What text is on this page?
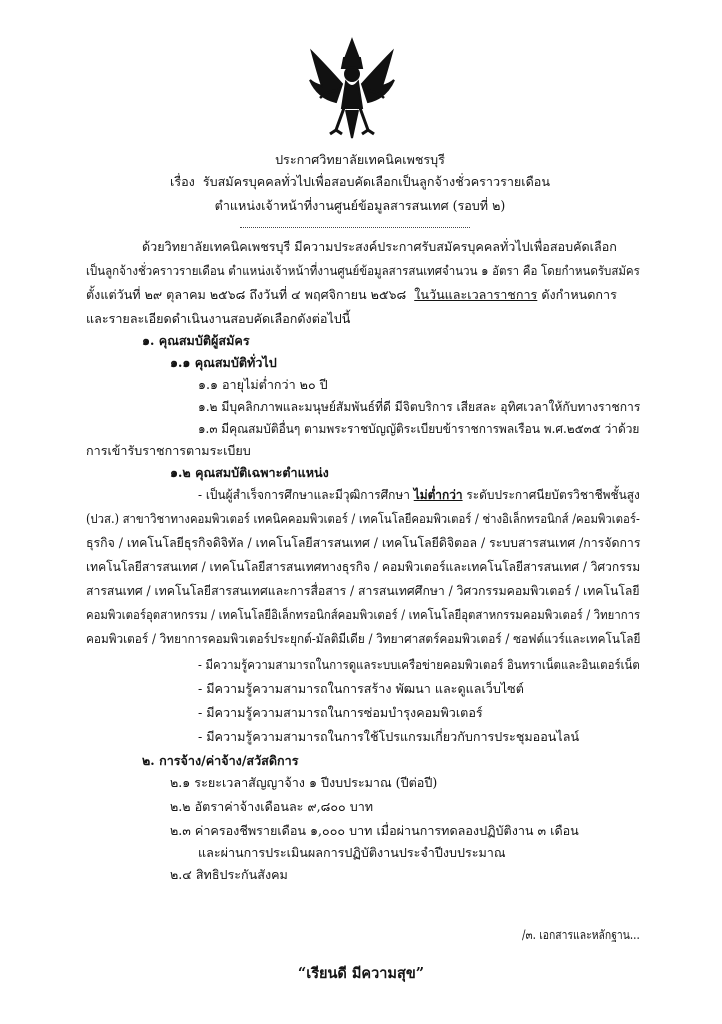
ประกาศวิทยาลัยเทคนิคเพชรบุรี
เรื่อง รับสมัครบุคคลทั่วไปเพื่อสอบคัดเลือกเป็นลูกจ้างชั่วคราวรายเดือน
ตำแหน่งเจ้าหน้าที่งานศูนย์ข้อมูลสารสนเทศ (รอบที่ ๒)
ด้วยวิทยาลัยเทคนิคเพชรบุรี มีความประสงค์ประกาศรับสมัครบุคคลทั่วไปเพื่อสอบคัดเลือก
เป็นลูกจ้างชั่วคราวรายเดือน ตำแหน่งเจ้าหน้าที่งานศูนย์ข้อมูลสารสนเทศจำนวน ๑ อัตรา คือ โดยกำหนดรับสมัคร
ตั้งแต่วันที่ ๒๙ ตุลาคม ๒๕๖๘ ถึงวันที่ ๔ พฤศจิกายน ๒๕๖๘ ในวันและเวลาราชการ ดังกำหนดการ
และรายละเอียดดำเนินงานสอบคัดเลือกดังต่อไปนี้
๑. คุณสมบัติผู้สมัคร
๑.๑ คุณสมบัติทั่วไป
๑.๑ อายุไม่ต่ำกว่า ๒๐ ปี
๑.๒ มีบุคลิกภาพและมนุษย์สัมพันธ์ที่ดี มีจิตบริการ เสียสละ อุทิศเวลาให้กับทางราชการ
๑.๓ มีคุณสมบัติอื่นๆ ตามพระราชบัญญัติระเบียบข้าราชการพลเรือน พ.ศ.๒๕๓๕ ว่าด้วย
การเข้ารับราชการตามระเบียบ
๑.๒ คุณสมบัติเฉพาะตำแหน่ง
- เป็นผู้สำเร็จการศึกษาและมีวุฒิการศึกษา ไม่ต่ำกว่า ระดับประกาศนียบัตรวิชาชีพชั้นสูง
(ปวส.) สาขาวิชาทางคอมพิวเตอร์ เทคนิคคอมพิวเตอร์ / เทคโนโลยีคอมพิวเตอร์ / ช่างอิเล็กทรอนิกส์ /คอมพิวเตอร์-
ธุรกิจ / เทคโนโลยีธุรกิจดิจิทัล / เทคโนโลยีสารสนเทศ / เทคโนโลยีดิจิตอล / ระบบสารสนเทศ /การจัดการ
เทคโนโลยีสารสนเทศ / เทคโนโลยีสารสนเทศทางธุรกิจ / คอมพิวเตอร์และเทคโนโลยีสารสนเทศ / วิศวกรรม
สารสนเทศ / เทคโนโลยีสารสนเทศและการสื่อสาร / สารสนเทศศึกษา / วิศวกรรมคอมพิวเตอร์ / เทคโนโลยี
คอมพิวเตอร์อุตสาหกรรม / เทคโนโลยีอิเล็กทรอนิกส์คอมพิวเตอร์ / เทคโนโลยีอุตสาหกรรมคอมพิวเตอร์ / วิทยาการ
คอมพิวเตอร์ / วิทยาการคอมพิวเตอร์ประยุกต์-มัลติมีเดีย / วิทยาศาสตร์คอมพิวเตอร์ / ซอฟต์แวร์และเทคโนโลยี
- มีความรู้ความสามารถในการดูแลระบบเครือข่ายคอมพิวเตอร์ อินทราเน็ตและอินเตอร์เน็ต
- มีความรู้ความสามารถในการสร้าง พัฒนา และดูแลเว็บไซต์
- มีความรู้ความสามารถในการซ่อมบำรุงคอมพิวเตอร์
- มีความรู้ความสามารถในการใช้โปรแกรมเกี่ยวกับการประชุมออนไลน์
๒. การจ้าง/ค่าจ้าง/สวัสดิการ
๒.๑ ระยะเวลาสัญญาจ้าง ๑ ปีงบประมาณ (ปีต่อปี)
๒.๒ อัตราค่าจ้างเดือนละ ๙,๘๐๐ บาท
๒.๓ ค่าครองชีพรายเดือน ๑,๐๐๐ บาท เมื่อผ่านการทดลองปฏิบัติงาน ๓ เดือน
และผ่านการประเมินผลการปฏิบัติงานประจำปีงบประมาณ
๒.๔ สิทธิประกันสังคม
/๓. เอกสารและหลักฐาน...
“เรียนดี มีความสุข”
